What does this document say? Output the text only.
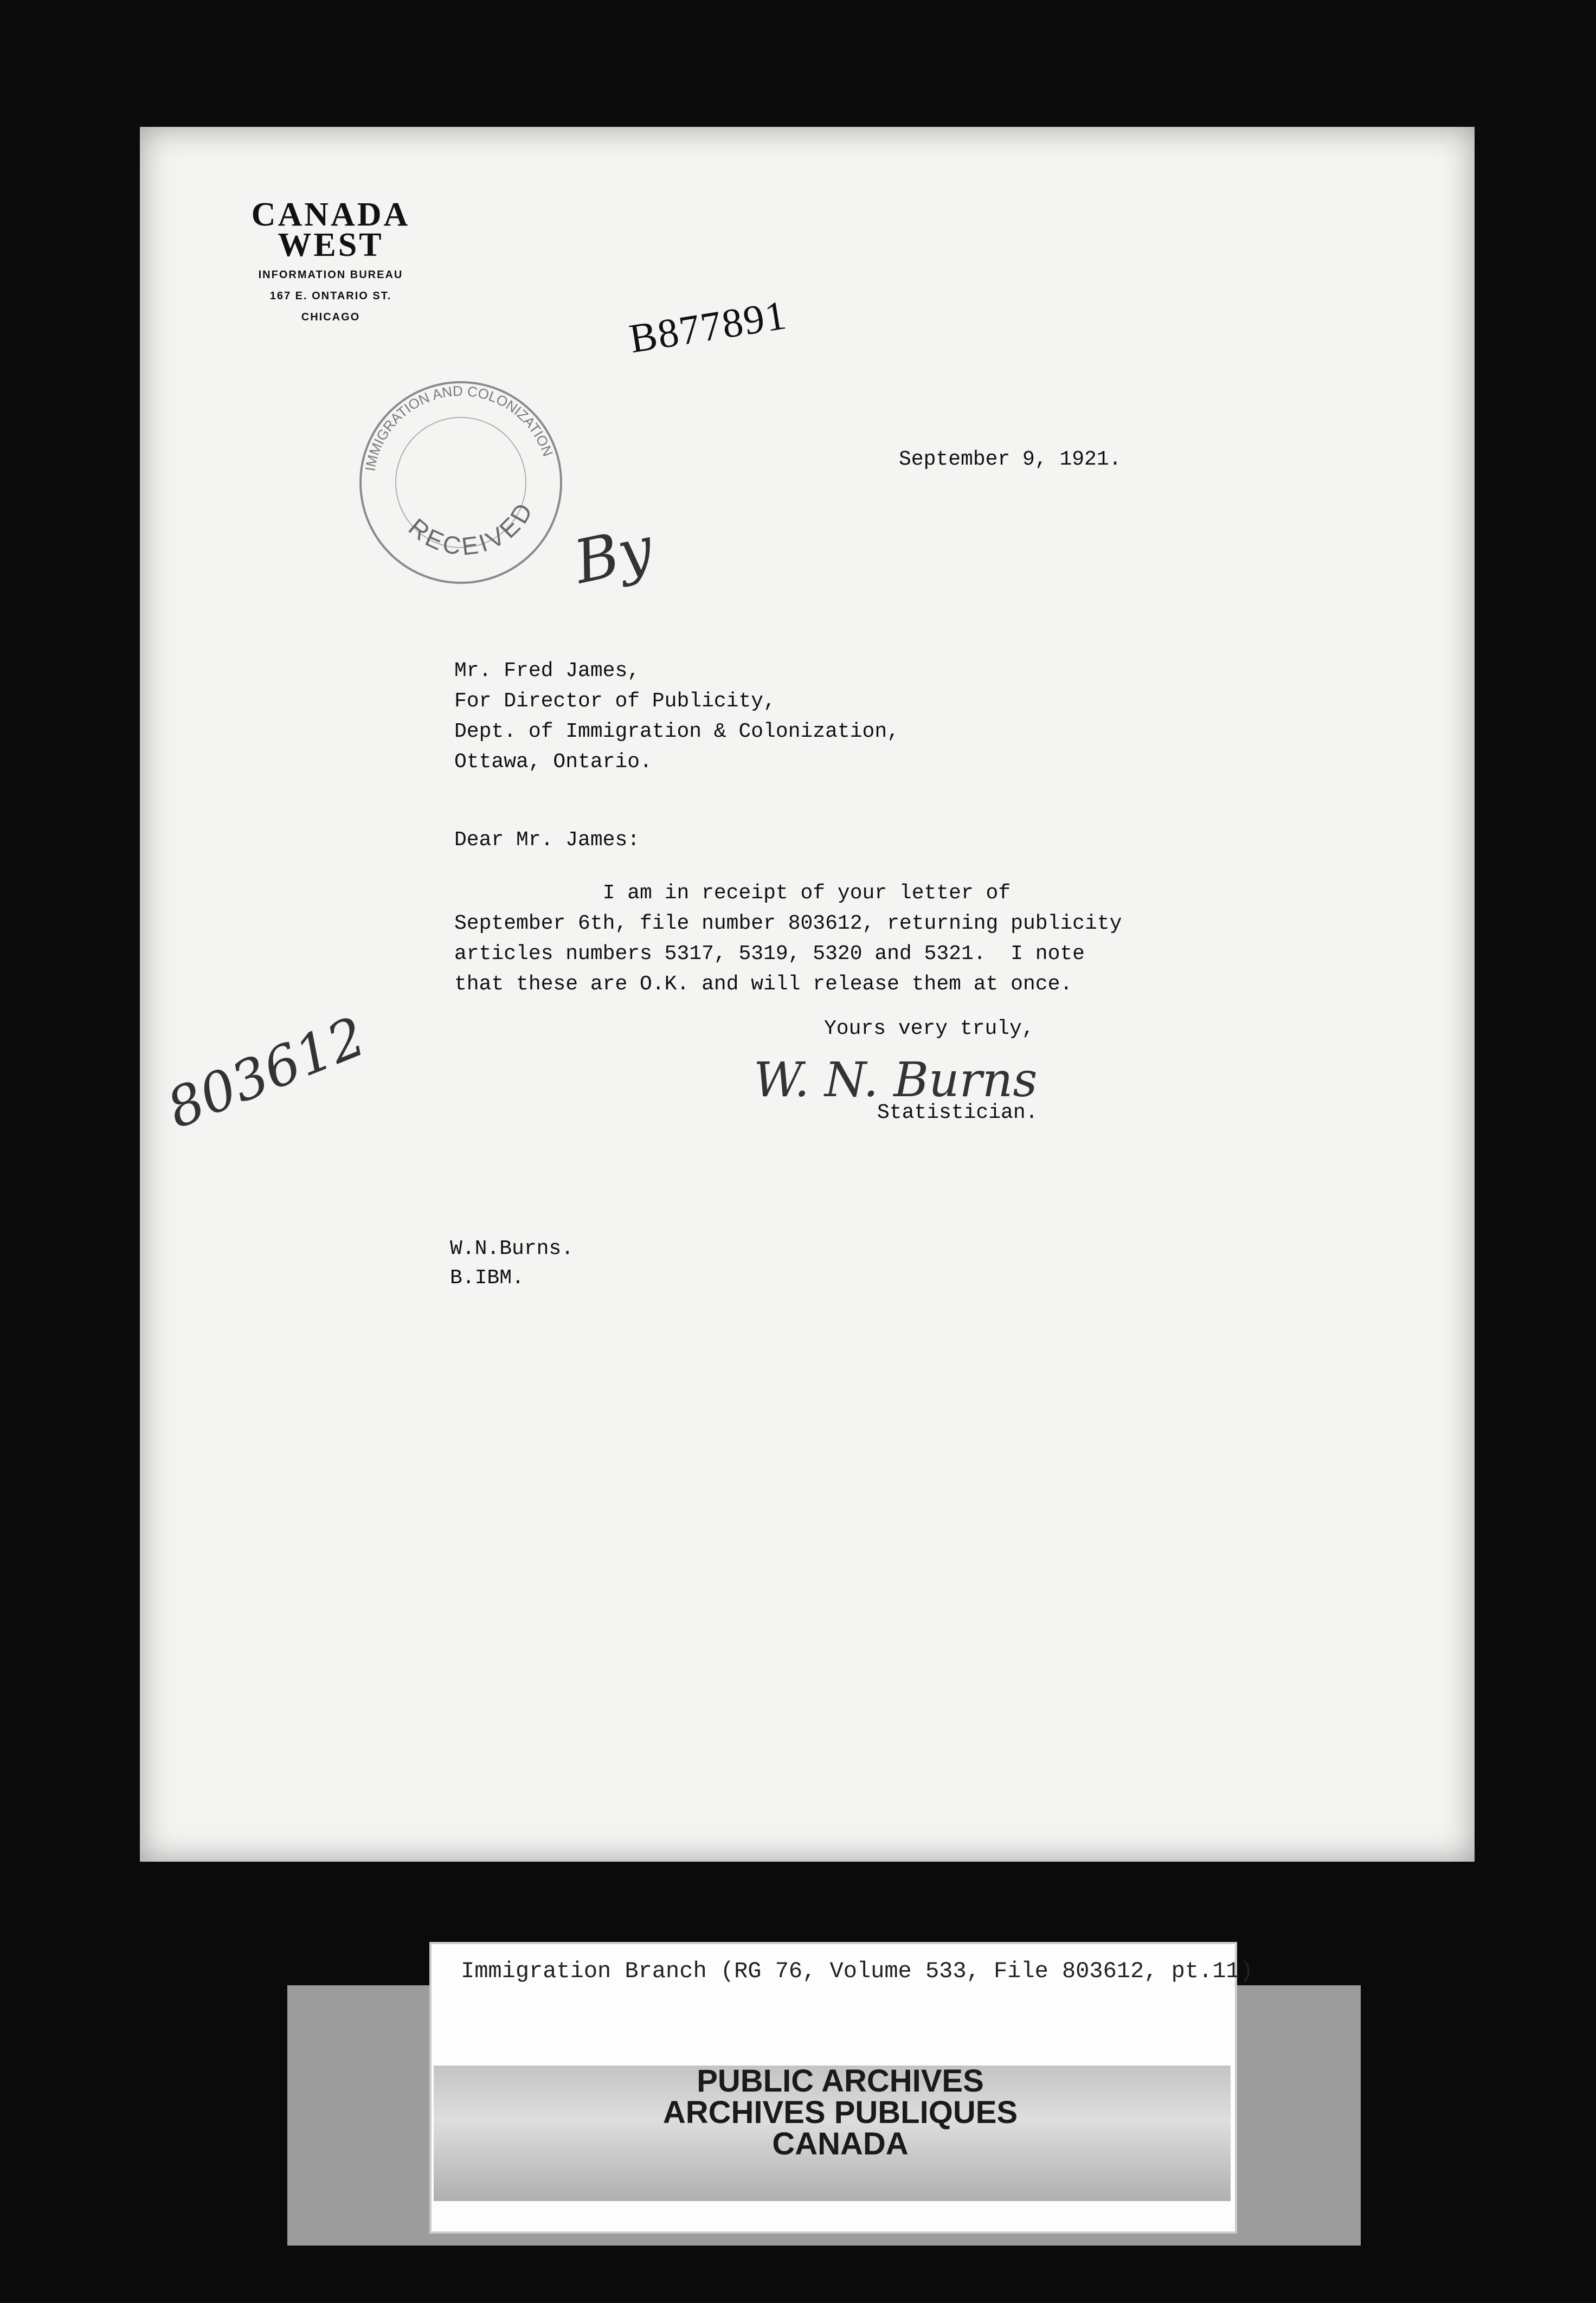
CANADA
WEST
INFORMATION BUREAU
167 E. ONTARIO ST.
CHICAGO	B877891
IMMIGRATION AND COLONIZATION
RECEIVED
By
803612
September 9, 1921.
Mr. Fred James,
For Director of Publicity,
Dept. of Immigration & Colonization,
Ottawa, Ontario.
Dear Mr. James:
I am in receipt of your letter of
September 6th, file number 803612, returning publicity
articles numbers 5317, 5319, 5320 and 5321.  I note
that these are O.K. and will release them at once.
Yours very truly,
W. N. Burns
Statistician.
W.N.Burns.
B.IBM.
Immigration Branch (RG 76, Volume 533, File 803612, pt.11)
PUBLIC ARCHIVES
ARCHIVES PUBLIQUES
CANADA
